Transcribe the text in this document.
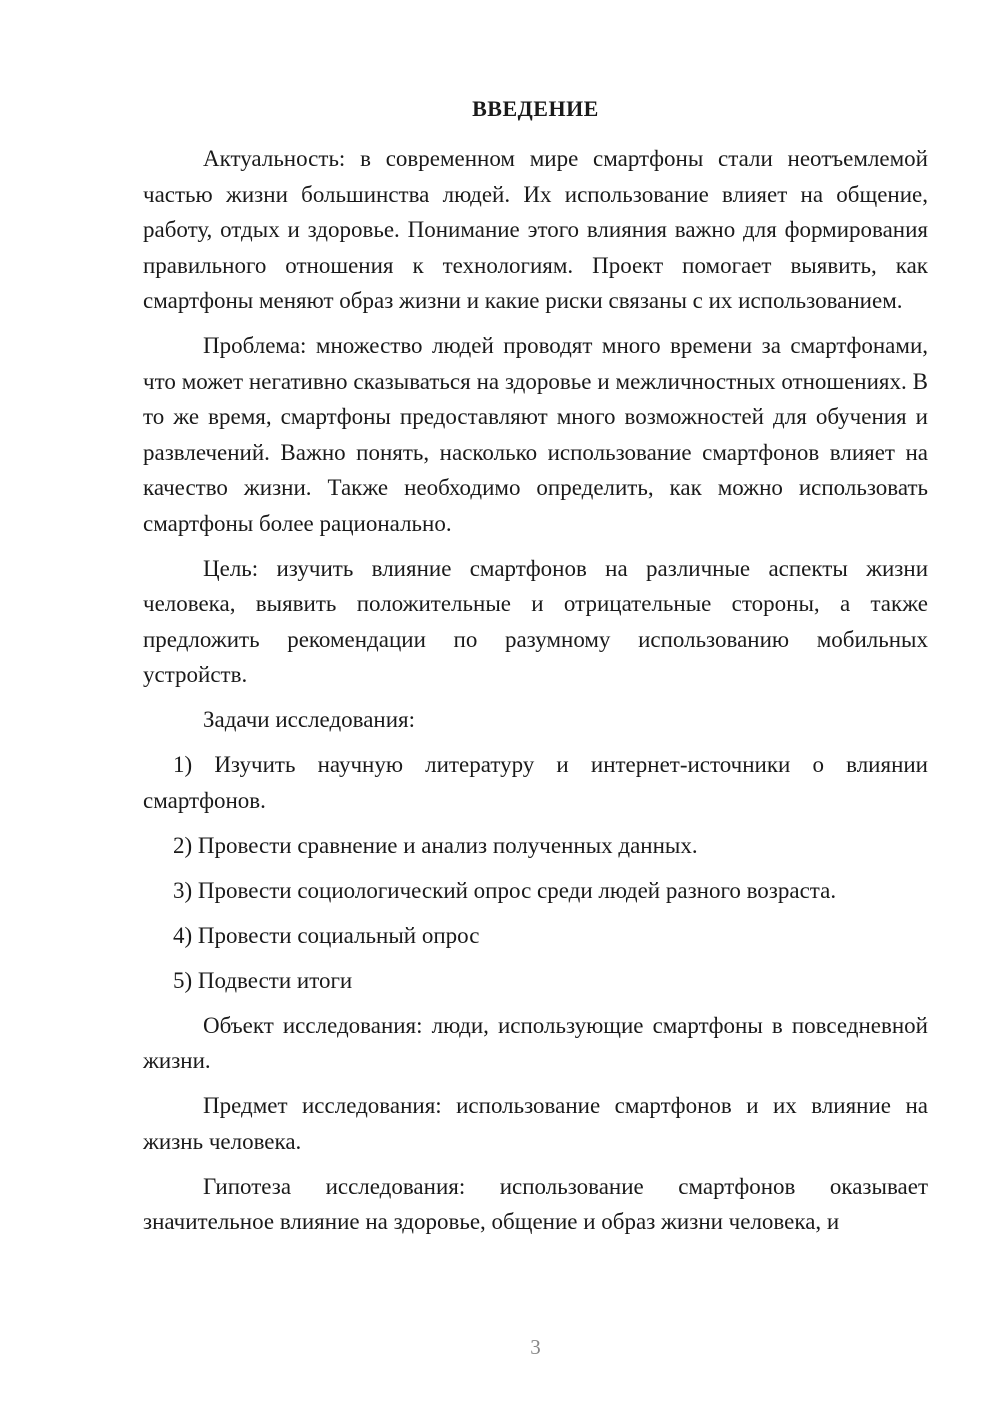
ВВЕДЕНИЕ

Актуальность: в современном мире смартфоны стали неотъемлемой частью жизни большинства людей. Их использование влияет на общение, работу, отдых и здоровье. Понимание этого влияния важно для формирования правильного отношения к технологиям. Проект помогает выявить, как смартфоны меняют образ жизни и какие риски связаны с их использованием.

Проблема: множество людей проводят много времени за смартфонами, что может негативно сказываться на здоровье и межличностных отношениях. В то же время, смартфоны предоставляют много возможностей для обучения и развлечений. Важно понять, насколько использование смартфонов влияет на качество жизни. Также необходимо определить, как можно использовать смартфоны более рационально.

Цель: изучить влияние смартфонов на различные аспекты жизни человека, выявить положительные и отрицательные стороны, а также предложить рекомендации по разумному использованию мобильных устройств.

Задачи исследования:

1) Изучить научную литературу и интернет-источники о влиянии смартфонов.

2) Провести сравнение и анализ полученных данных.

3) Провести социологический опрос среди людей разного возраста.

4) Провести социальный опрос

5) Подвести итоги

Объект исследования: люди, использующие смартфоны в повседневной жизни.

Предмет исследования: использование смартфонов и их влияние на жизнь человека.

Гипотеза исследования: использование смартфонов оказывает значительное влияние на здоровье, общение и образ жизни человека, и

3
